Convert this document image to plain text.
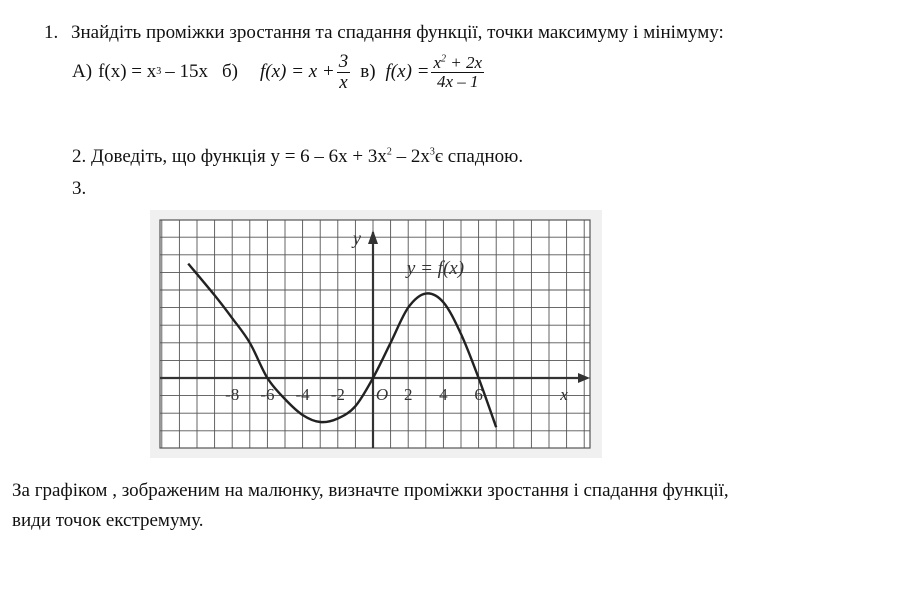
1. Знайдіть проміжки зростання та спадання функції, точки максимуму і мінімуму:
А) f(x) = x 3 – 15x б) $f(x) = x + \frac{3}{x} в$) $f(x) = \frac{x^2 + 2x}{4x - 1}$
2. Доведіть, що функція $y = 6 - 6x + 3x^2 - 2x^3є$ спадною.
3.
-8 -6 -4 -2	2 4 6
O	x
y
y = f(x)
За графіком , зображеним на малюнку, визначте проміжки зростання і спадання функції,
види точок екстремуму.
